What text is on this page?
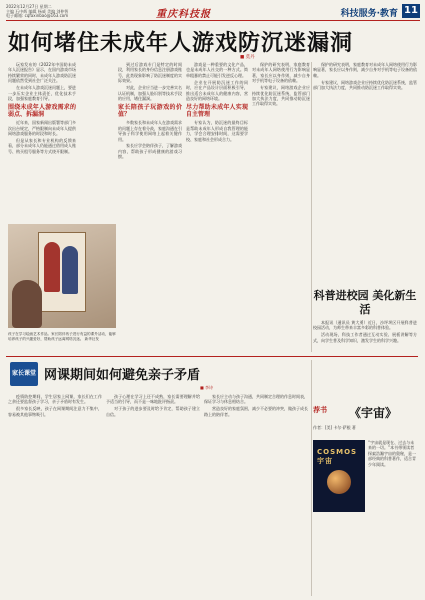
2022年12月27日 星期二
主编 石中辉 编辑 杨威 美编 刘仲智
电子邮箱: cqfaxinbao@163.com	重庆科技报	科技服务·教育 11
如何堵住未成年人游戏防沉迷漏洞
■ 莫丹

玩家发布的《2022年中国防未成年人沉迷报告》显示，在国内游戏市场持续繁荣的同时，未成年人游戏防沉迷问题依然受到社会广泛关注。

在未成年人游戏沉迷问题上，要进一步压实企业主体责任，优化技术手段，加强家庭教育引导。

围绕未成年人游戏需求的弱点、拆漏洞

近年来，国家新闻出版署等部门多次出台规定，严格限制向未成年人提供网络游戏服务的时段和时长。

但是从家长和专业机构的反馈来看，部分未成年人仍能通过借用成人账号、购买租号服务等方式绕开限制。

到过后游戏专门是特定的时间段，利用家长的身份信息注册游戏账号，此类现象影响了防沉迷制度的实际效果。

对此，企业应当进一步完善实名认证机制，加强人脸识别等技术手段的应用，堵住漏洞。

家长陪孩子玩游戏的价值？

多数家长和未成年人在游戏需求的问题上存在着分歧，家庭沟通在引导孩子科学使用网络上起着关键作用。

家长应学会陪伴孩子，了解游戏内容，帮助孩子形成健康的游戏习惯。

游戏是一种重要的文化产品，也是未成年人社交的一种方式。简单粗暴的禁止可能引发逆反心理。

企业在开展防沉迷工作的同时，应在产品设计层面积极引导，推出适合未成年人的健康内容，营造良好的网络环境。

尽力帮助未成年人实现自主管理

专家认为，防沉迷的最终目标是帮助未成年人形成自我管理的能力，学会合理安排时间，这需要学校、家庭和社会形成合力。

保护的研究表明，家庭教育对未成年人网络使用行为影响显著，家长应以身作则，减少自身对手机等电子设备的依赖。

专家建议，网络游戏企业应持续优化防沉迷系统，监管部门加大执法力度，共同推动防沉迷工作取得实效。

保护的研究表明，家庭教育对未成年人网络使用行为影响显著，家长应以身作则，减少自身对手机等电子设备的依赖。

专家建议，网络游戏企业应持续优化防沉迷系统，监管部门加大执法力度，共同推动防沉迷工作取得实效。

孩子在学习绘画艺术作品。家长陪伴孩子进行有益的课外活动，能够培养孩子的兴趣爱好，帮助孩子远离网络沉迷。 新华社发
科普进校园 美化新生活

本报讯（通讯员 黄大勇）近日，沙坪坝区开展科普进校园活动，为师生带来丰富多彩的科普体验。

活动现场，科技工作者通过互动实验、展板讲解等方式，向学生普及科学知识，激发学生的科学兴趣。

家长课堂 网课期间如何避免亲子矛盾
■ 李诗

疫情防控期间，学生居家上网课，家长们在工作之余还要监督孩子学习，亲子矛盾时有发生。

很多家长反映，孩子在网课期间注意力不集中，容易被其他事物吸引。

孩子心理在学习上还不成熟，家长需要理解并给予适当的引导，而不是一味地批评指责。

对于孩子的进步要及时给予肯定，帮助孩子建立自信。

家长应主动与孩子沟通，共同制定合理的作息时间表，保证学习与休息相结合。

营造良好的家庭氛围，减少不必要的冲突，做孩子成长路上的陪伴者。

荐书	《宇宙》
作者：[美] 卡尔·萨根 著
COSMOS 宇宙
“宇宙就是现在、过去与未来的一切。”本书带领读者探索浩瀚宇宙的奥秘，是一部经典的科普著作，适合青少年阅读。
